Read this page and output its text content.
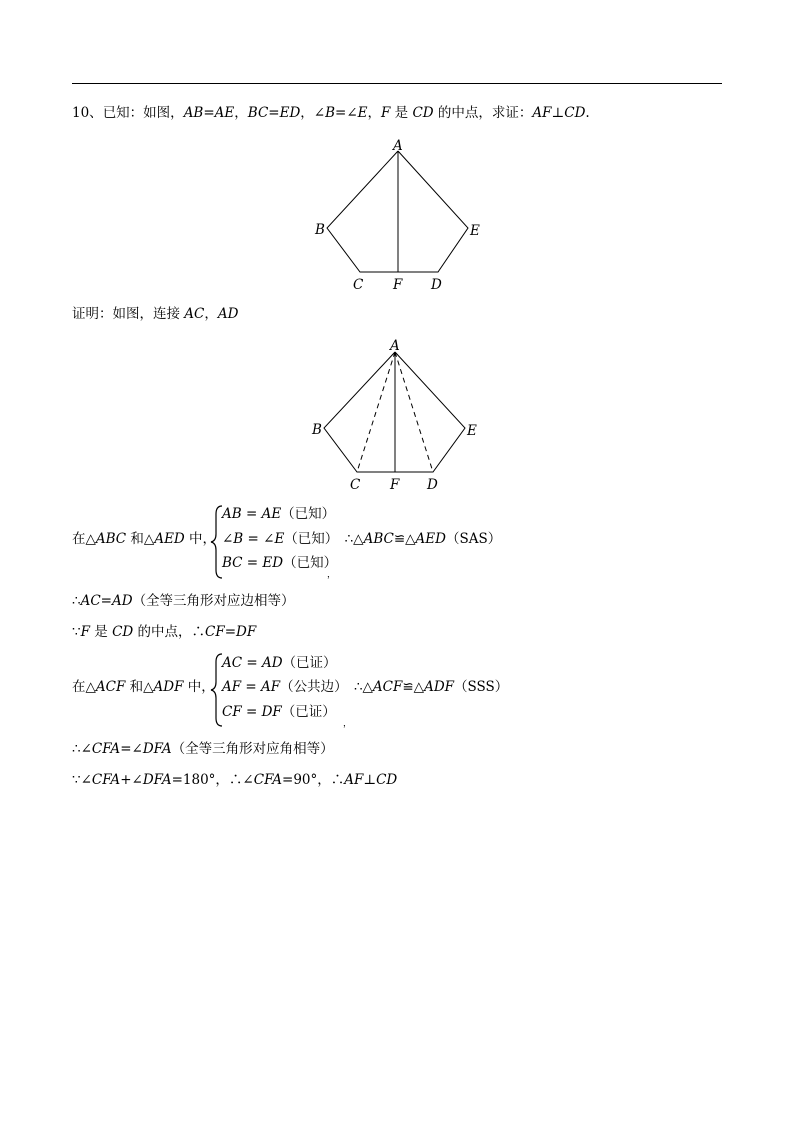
10、已知：如图，AB=AE，BC=ED，∠B=∠E，F 是 CD 的中点，求证：AF⊥CD.
A
B
C F D
E
A
B
C F D
E
证明：如图，连接 AC，AD
在△ABC 和△AED 中，
AB = AE（已知）
∠B = ∠E（已知） ∴△ABC≌△AED（SAS）
BC = ED（已知）
，
∴AC=AD（全等三角形对应边相等）
∵F 是 CD 的中点，∴CF=DF
在△ACF 和△ADF 中，
AC = AD（已证）
AF = AF（公共边） ∴△ACF≌△ADF（SSS）
CF = DF（已证）
，
∴∠CFA=∠DFA（全等三角形对应角相等）
∵∠CFA+∠DFA=180°，∴∠CFA=90°，∴AF⊥CD
